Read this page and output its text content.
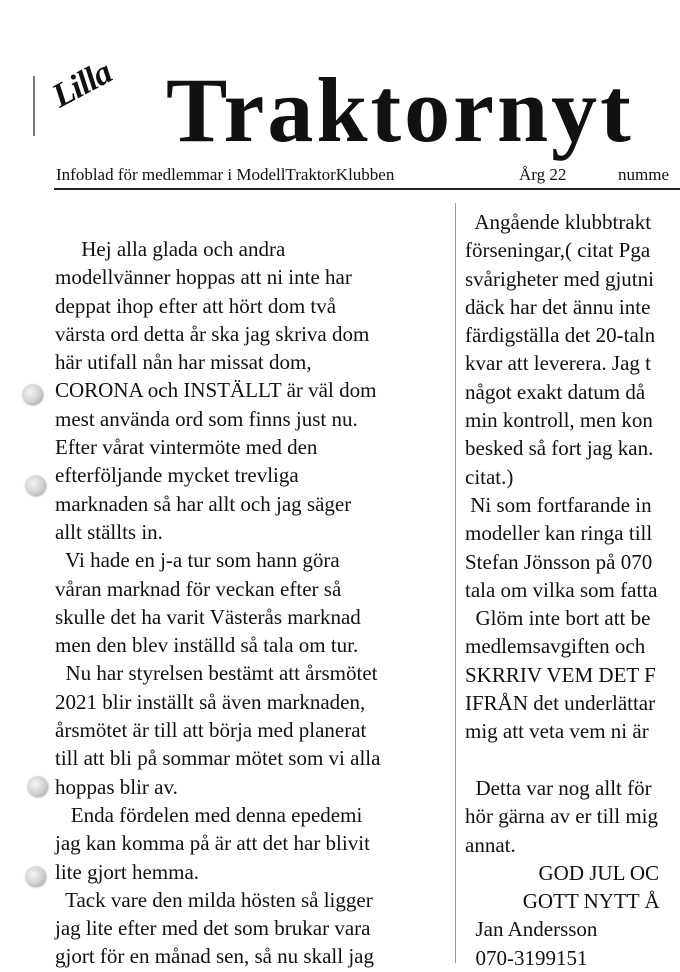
Lilla Traktornyt
Infoblad för medlemmar i ModellTraktorKlubben	Årg 22	numme

Hej alla glada och andra

modellvänner hoppas att ni inte har

deppat ihop efter att hört dom två

värsta ord detta år ska jag skriva dom

här utifall nån har missat dom,

CORONA och INSTÄLLT är väl dom

mest använda ord som finns just nu.

Efter vårat vintermöte med den

efterföljande mycket trevliga

marknaden så har allt och jag säger

allt ställts in.

Vi hade en j-a tur som hann göra

våran marknad för veckan efter så

skulle det ha varit Västerås marknad

men den blev inställd så tala om tur.

Nu har styrelsen bestämt att årsmötet

2021 blir inställt så även marknaden,

årsmötet är till att börja med planerat

till att bli på sommar mötet som vi alla

hoppas blir av.

Enda fördelen med denna epedemi

jag kan komma på är att det har blivit

lite gjort hemma.

Tack vare den milda hösten så ligger

jag lite efter med det som brukar vara

gjort för en månad sen, så nu skall jag

Angående klubbtrakt

förseningar,( citat Pga

svårigheter med gjutni

däck har det ännu inte

färdigställa det 20-taln

kvar att leverera. Jag t

något exakt datum då

min kontroll, men kon

besked så fort jag kan.

citat.)

Ni som fortfarande in

modeller kan ringa till

Stefan Jönsson på 070

tala om vilka som fatta

Glöm inte bort att be

medlemsavgiften och

SKRRIV VEM DET F

IFRÅN det underlättar

mig att veta vem ni är

Detta var nog allt för

hör gärna av er till mig

annat.

GOD JUL OC

GOTT NYTT Å

Jan Andersson

070-3199151
